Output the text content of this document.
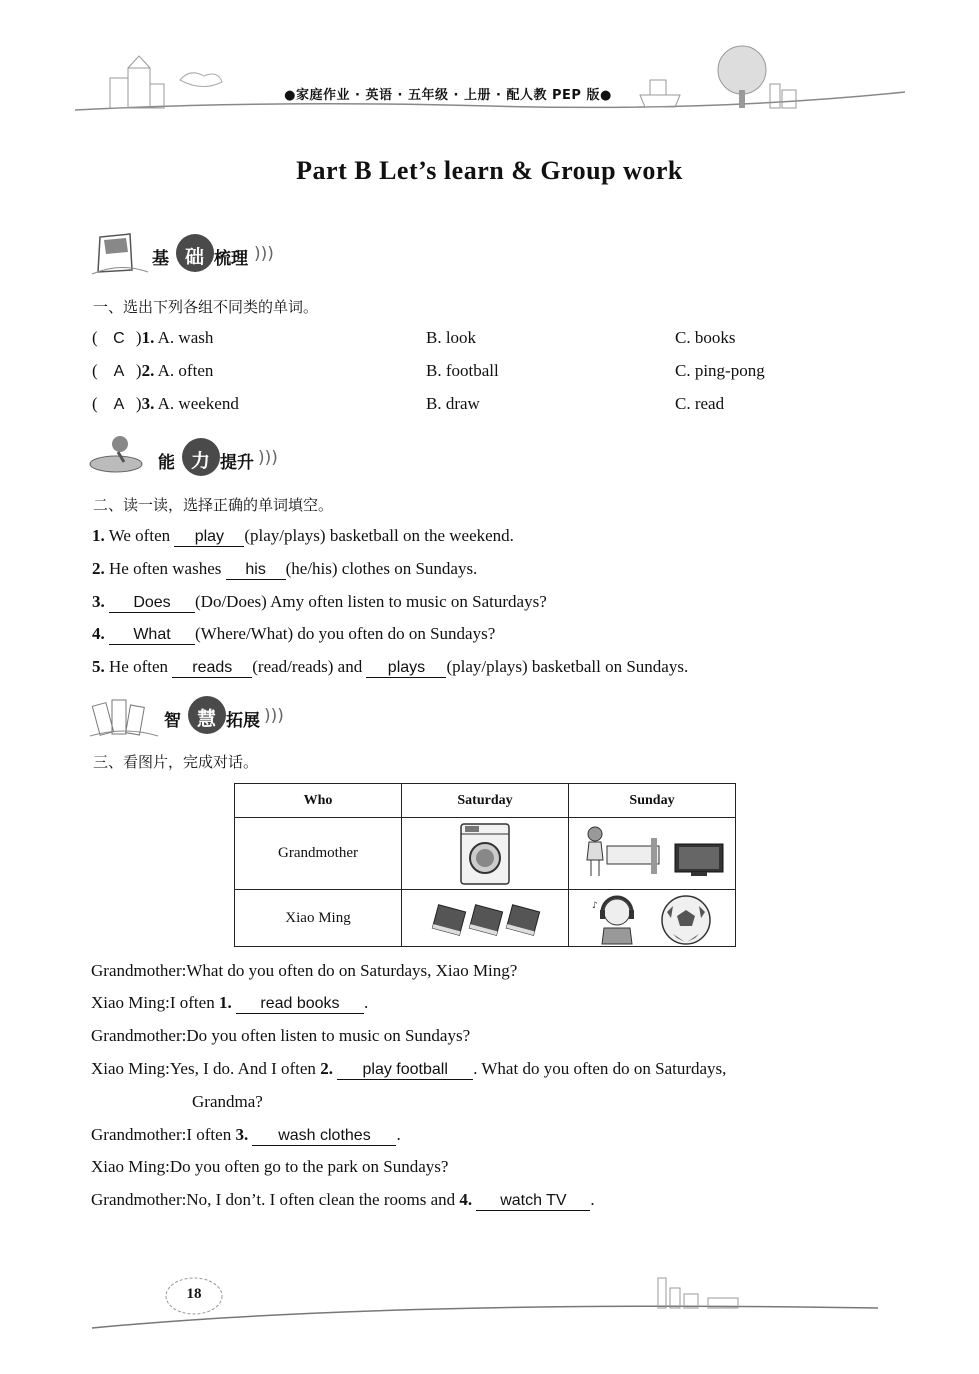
●家庭作业 · 英语 · 五年级 · 上册 · 配人教 PEP 版●
Part B Let’s learn & Group work
基 础 梳理 )))
一、选出下列各组不同类的单词。
( C )1. A. wash	B. look	C. books
( A )2. A. often	B. football	C. ping-pong
( A )3. A. weekend	B. draw	C. read
能 力 提升 )))
二、读一读，选择正确的单词填空。
1. We often play (play/plays) basketball on the weekend.
2. He often washes his (he/his) clothes on Sundays.
3. Does (Do/Does) Amy often listen to music on Saturdays?
4. What (Where/What) do you often do on Sundays?
5. He often reads (read/reads) and plays (play/plays) basketball on Sundays.
智 慧 拓展 )))
三、看图片，完成对话。
Who	Saturday	Sunday
Grandmother
Xiao Ming
♪
Grandmother:What do you often do on Saturdays, Xiao Ming?
Xiao Ming:I often 1. read books .
Grandmother:Do you often listen to music on Sundays?
Xiao Ming:Yes, I do. And I often 2. play football . What do you often do on Saturdays,
Grandma?
Grandmother:I often 3. wash clothes .
Xiao Ming:Do you often go to the park on Sundays?
Grandmother:No, I don’t. I often clean the rooms and 4. watch TV .
18
